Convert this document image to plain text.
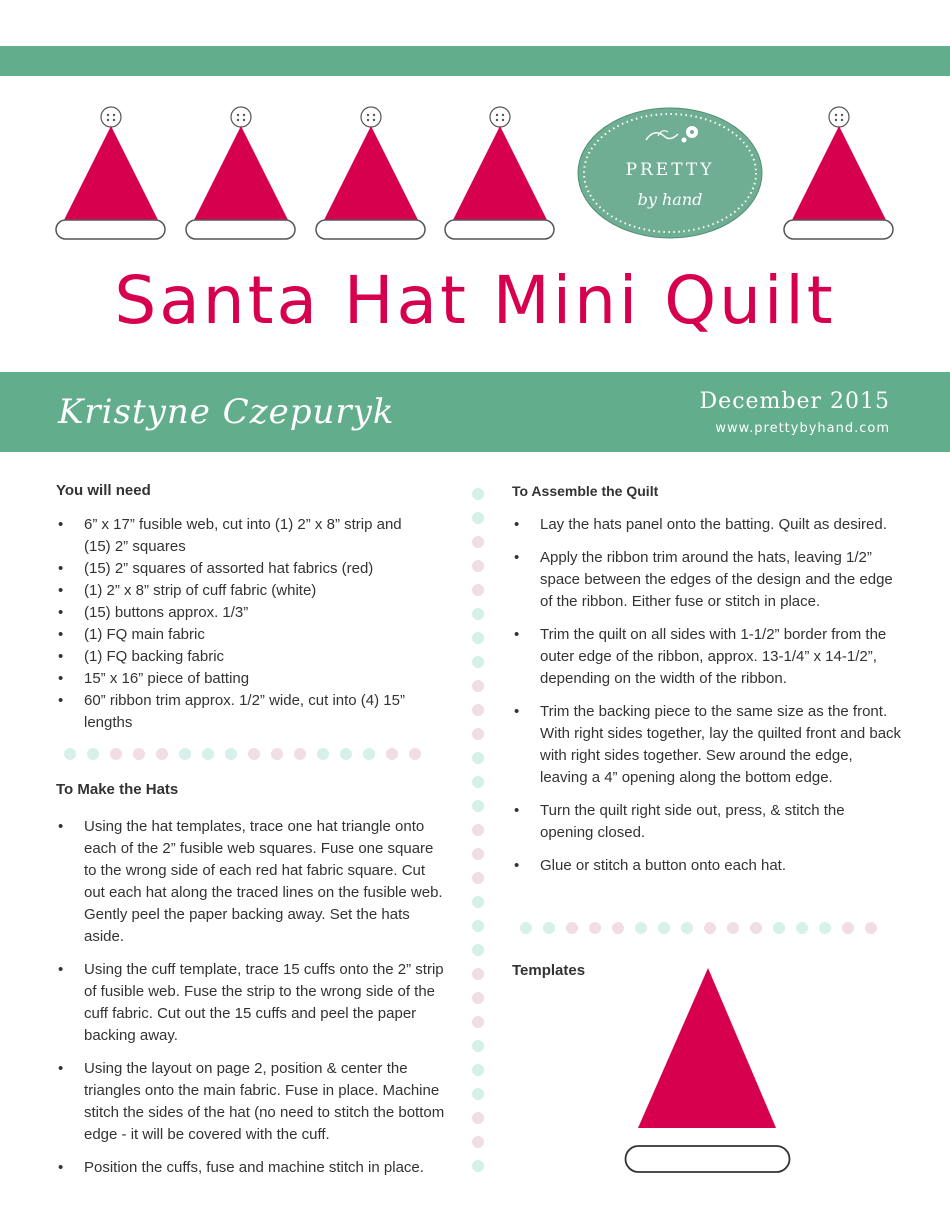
PRETTY
by hand
Santa Hat Mini Quilt
Kristyne Czepuryk	December 2015
www.prettybyhand.com
You will need
• 6” x 17” fusible web, cut into (1) 2” x 8” strip and (15) 2” squares
• (15) 2” squares of assorted hat fabrics (red)
• (1) 2” x 8” strip of cuff fabric (white)
• (15) buttons approx. 1/3”
• (1) FQ main fabric
• (1) FQ backing fabric
• 15” x 16” piece of batting
• 60” ribbon trim approx. 1/2” wide, cut into (4) 15” lengths
To Make the Hats
• Using the hat templates, trace one hat triangle onto each of the 2” fusible web squares. Fuse one square to the wrong side of each red hat fabric square. Cut out each hat along the traced lines on the fusible web. Gently peel the paper backing away. Set the hats aside.
• Using the cuff template, trace 15 cuffs onto the 2” strip of fusible web. Fuse the strip to the wrong side of the cuff fabric. Cut out the 15 cuffs and peel the paper backing away.
• Using the layout on page 2, position & center the triangles onto the main fabric. Fuse in place. Machine stitch the sides of the hat (no need to stitch the bottom edge - it will be covered with the cuff.
• Position the cuffs, fuse and machine stitch in place.
To Assemble the Quilt
• Lay the hats panel onto the batting. Quilt as desired.
• Apply the ribbon trim around the hats, leaving 1/2” space between the edges of the design and the edge of the ribbon. Either fuse or stitch in place.
• Trim the quilt on all sides with 1-1/2” border from the outer edge of the ribbon, approx. 13-1/4” x 14-1/2”, depending on the width of the ribbon.
• Trim the backing piece to the same size as the front. With right sides together, lay the quilted front and back with right sides together. Sew around the edge, leaving a 4” opening along the bottom edge.
• Turn the quilt right side out, press, & stitch the opening closed.
• Glue or stitch a button onto each hat.
Templates
